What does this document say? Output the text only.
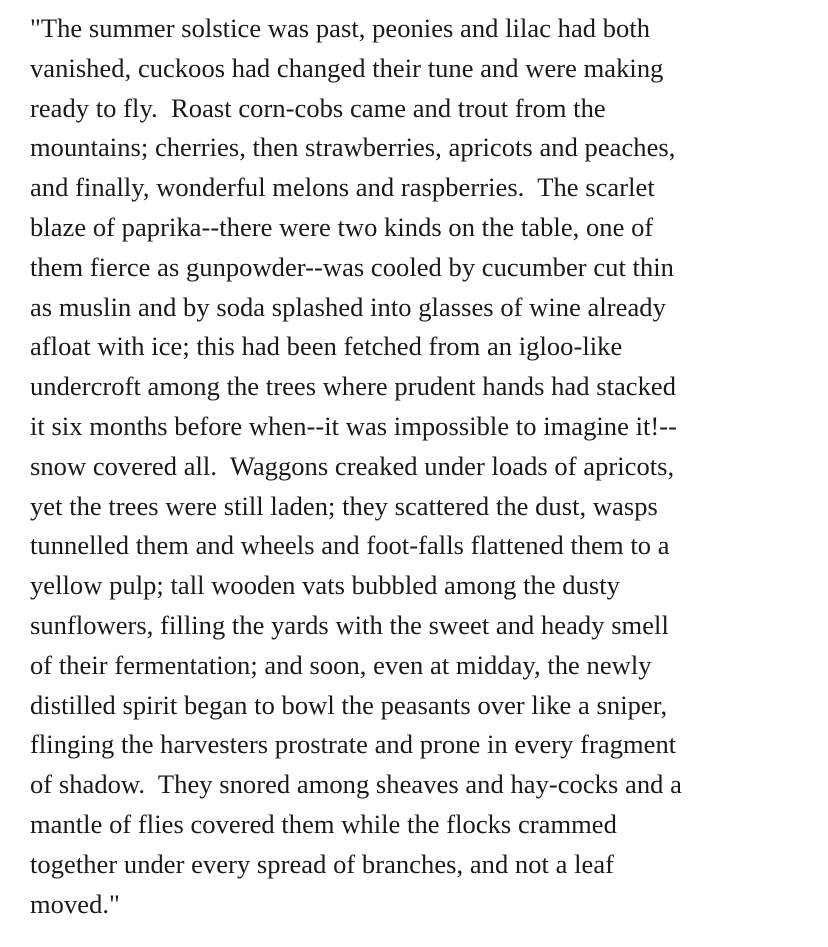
"The summer solstice was past, peonies and lilac had both
vanished, cuckoos had changed their tune and were making
ready to fly.  Roast corn-cobs came and trout from the
mountains; cherries, then strawberries, apricots and peaches,
and finally, wonderful melons and raspberries.  The scarlet
blaze of paprika--there were two kinds on the table, one of
them fierce as gunpowder--was cooled by cucumber cut thin
as muslin and by soda splashed into glasses of wine already
afloat with ice; this had been fetched from an igloo-like
undercroft among the trees where prudent hands had stacked
it six months before when--it was impossible to imagine it!--
snow covered all.  Waggons creaked under loads of apricots,
yet the trees were still laden; they scattered the dust, wasps
tunnelled them and wheels and foot-falls flattened them to a
yellow pulp; tall wooden vats bubbled among the dusty
sunflowers, filling the yards with the sweet and heady smell
of their fermentation; and soon, even at midday, the newly
distilled spirit began to bowl the peasants over like a sniper,
flinging the harvesters prostrate and prone in every fragment
of shadow.  They snored among sheaves and hay-cocks and a
mantle of flies covered them while the flocks crammed
together under every spread of branches, and not a leaf
moved."
